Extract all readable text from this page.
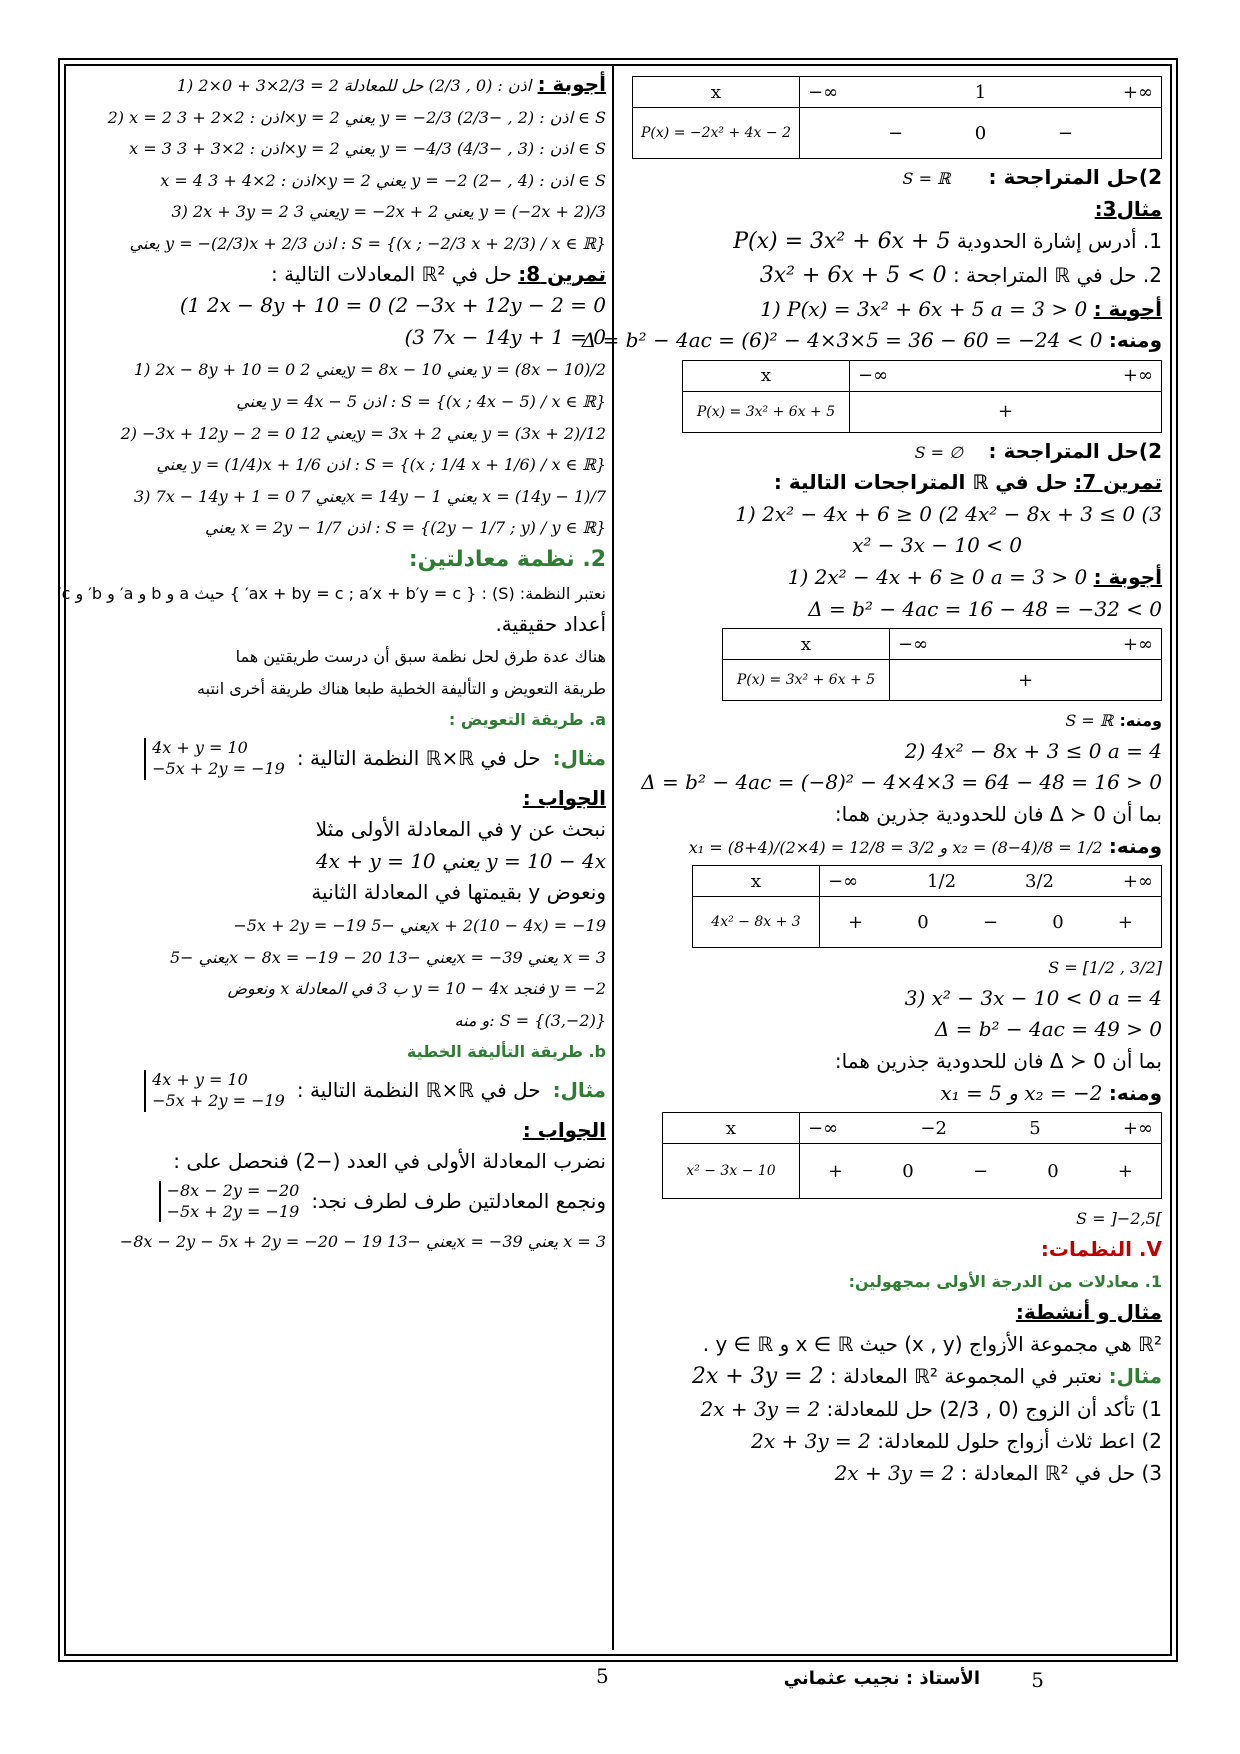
x	−∞ 1 +∞

P(x) = −2x² + 4x − 2	− 0 −
2)حل المتراجحة :      S = ℝ
مثال3:
1. أدرس إشارة الحدودية P(x) = 3x² + 6x + 5
2. حل في ℝ المتراجحة : 3x² + 6x + 5 < 0
أجوبة : 1) P(x) = 3x² + 6x + 5 a = 3 > 0
ومنه: Δ = b² − 4ac = (6)² − 4×3×5 = 36 − 60 = −24 < 0
x	−∞ +∞

P(x) = 3x² + 6x + 5	+
2)حل المتراجحة :    S = ∅
تمرين 7: حل في ℝ المتراجحات التالية :
1) 2x² − 4x + 6 ≥ 0 (2 4x² − 8x + 3 ≤ 0 (3
x² − 3x − 10 < 0
أجوبة : 1) 2x² − 4x + 6 ≥ 0 a = 3 > 0
Δ = b² − 4ac = 16 − 48 = −32 < 0
x	−∞ +∞

P(x) = 3x² + 6x + 5	+
ومنه: S = ℝ
2) 4x² − 8x + 3 ≤ 0 a = 4
Δ = b² − 4ac = (−8)² − 4×4×3 = 64 − 48 = 16 > 0
بما أن Δ ≻ 0 فان للحدودية جذرين هما:
ومنه: x₁ = (8+4)/(2×4) = 12/8 = 3/2 و x₂ = (8−4)/8 = 1/2
x	−∞ 1/2 3/2 +∞

4x² − 8x + 3	+ 0 − 0 +
S = [1/2 , 3/2]
3) x² − 3x − 10 < 0 a = 4
Δ = b² − 4ac = 49 > 0
بما أن Δ ≻ 0 فان للحدودية جذرين هما:
ومنه: x₁ = 5 و x₂ = −2
x	−∞ −2 5 +∞

x² − 3x − 10	+ 0 − 0 +
S = ]−2,5[
V. النظمات:
1. معادلات من الدرجة الأولى بمجهولين:
مثال و أنشطة:
ℝ² هي مجموعة الأزواج (x , y) حيث x ∈ ℝ و y ∈ ℝ .
مثال: نعتبر في المجموعة ℝ² المعادلة : 2x + 3y = 2
1) تأكد أن الزوج (0 , 2/3) حل للمعادلة: 2x + 3y = 2
2) اعط ثلاث أزواج حلول للمعادلة: 2x + 3y = 2
3) حل في ℝ² المعادلة : 2x + 3y = 2
أجوبة : 1) 2×0 + 3×2/3 = 2 اذن : (0 , 2/3) حل للمعادلة
2) x = 2 اذن : 2×2 + 3×y = 2 يعني y = −2/3 اذن : (2 , −2/3) ∈ S
x = 3 اذن : 2×3 + 3×y = 2 يعني y = −4/3 اذن : (3 , −4/3) ∈ S
x = 4 اذن : 2×4 + 3×y = 2 يعني y = −2 اذن : (4 , −2) ∈ S
3) 2x + 3y = 2 يعني 3y = −2x + 2 يعني y = (−2x + 2)/3
يعني y = −(2/3)x + 2/3 اذن : S = {(x ; −2/3 x + 2/3) / x ∈ ℝ}
تمرين 8: حل في ℝ² المعادلات التالية :
(1 2x − 8y + 10 = 0 (2 −3x + 12y − 2 = 0
(3 7x − 14y + 1 = 0
1) 2x − 8y + 10 = 0 يعني 2y = 8x − 10 يعني y = (8x − 10)/2
يعني y = 4x − 5 اذن : S = {(x ; 4x − 5) / x ∈ ℝ}
2) −3x + 12y − 2 = 0 يعني 12y = 3x + 2 يعني y = (3x + 2)/12
يعني y = (1/4)x + 1/6 اذن : S = {(x ; 1/4 x + 1/6) / x ∈ ℝ}
3) 7x − 14y + 1 = 0 يعني 7x = 14y − 1 يعني x = (14y − 1)/7
يعني x = 2y − 1/7 اذن : S = {(2y − 1/7 ; y) / y ∈ ℝ}
2. نظمة معادلتين:
نعتبر النظمة: (S) : { ax + by = c ; a′x + b′y = c′ } حيث a و b و a′ و b′ و c′
أعداد حقيقية.
هناك عدة طرق لحل نظمة سبق أن درست طريقتين هما
طريقة التعويض و التأليفة الخطية طبعا هناك طريقة أخرى انتبه
a. طريقة التعويض :
مثال:
حل في ℝ×ℝ النظمة التالية :
4x + y = 10
−5x + 2y = −19
الجواب :
نبحث عن y في المعادلة الأولى مثلا
4x + y = 10 يعني y = 10 − 4x
ونعوض y بقيمتها في المعادلة الثانية
−5x + 2y = −19 يعني −5x + 2(10 − 4x) = −19
يعني −5x − 8x = −19 − 20 يعني −13x = −39 يعني x = 3
ونعوض x ب 3 في المعادلة y = 10 − 4x فنجد y = −2
و منه: S = {(3,−2)}
b. طريقة التأليفة الخطية
مثال:
حل في ℝ×ℝ النظمة التالية :
4x + y = 10
−5x + 2y = −19
الجواب :
نضرب المعادلة الأولى في العدد (−2) فنحصل على :
ونجمع المعادلتين طرف لطرف نجد:
−8x − 2y = −20
−5x + 2y = −19
−8x − 2y − 5x + 2y = −20 − 19 يعني −13x = −39 يعني x = 3
5
الأستاذ : نجيب عثماني
5
